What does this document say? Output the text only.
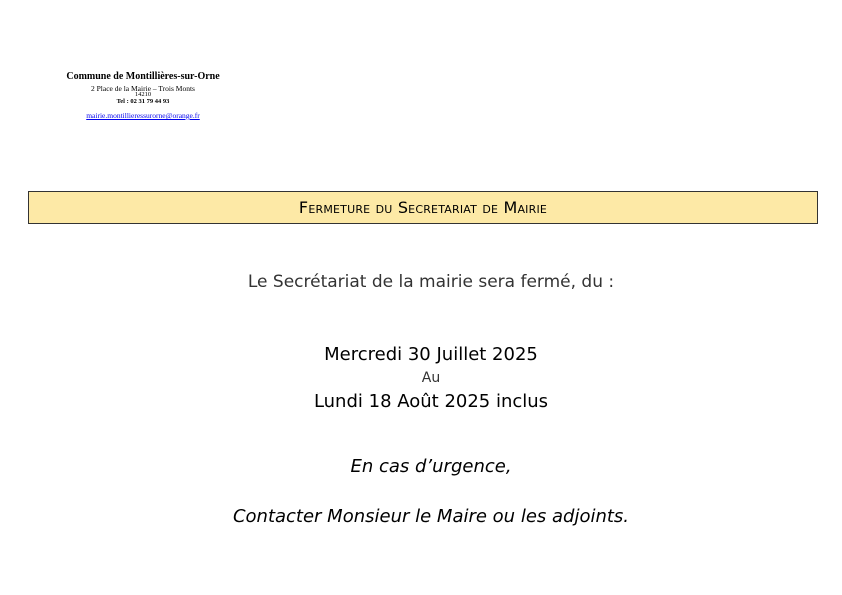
Commune de Montillières-sur-Orne

2 Place de la Mairie – Trois Monts

14210

Tel : 02 31 79 44 93

mairie.montillieressurorne@orange.fr
Fermeture du Secretariat de Mairie
Le Secrétariat de la mairie sera fermé, du :
Mercredi 30 Juillet 2025
Au
Lundi 18 Août 2025 inclus
En cas d’urgence,
Contacter Monsieur le Maire ou les adjoints.
